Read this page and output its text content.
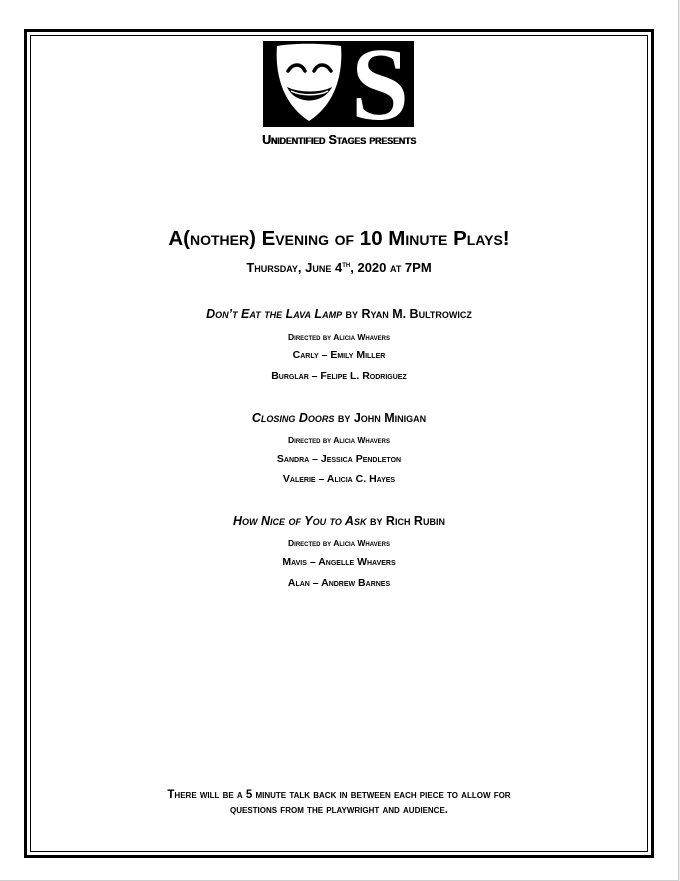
S
Unidentified Stages presents
A(nother) Evening of 10 Minute Plays!
Thursday, June 4th, 2020 at 7PM
Don’t Eat the Lava Lamp by Ryan M. Bultrowicz
Directed by Alicia Whavers
Carly – Emily Miller
Burglar – Felipe L. Rodriguez
Closing Doors by John Minigan
Directed by Alicia Whavers
Sandra – Jessica Pendleton
Valerie – Alicia C. Hayes
How Nice of You to Ask by Rich Rubin
Directed by Alicia Whavers
Mavis – Angelle Whavers
Alan – Andrew Barnes
There will be a 5 minute talk back in between each piece to allow for
questions from the playwright and audience.
